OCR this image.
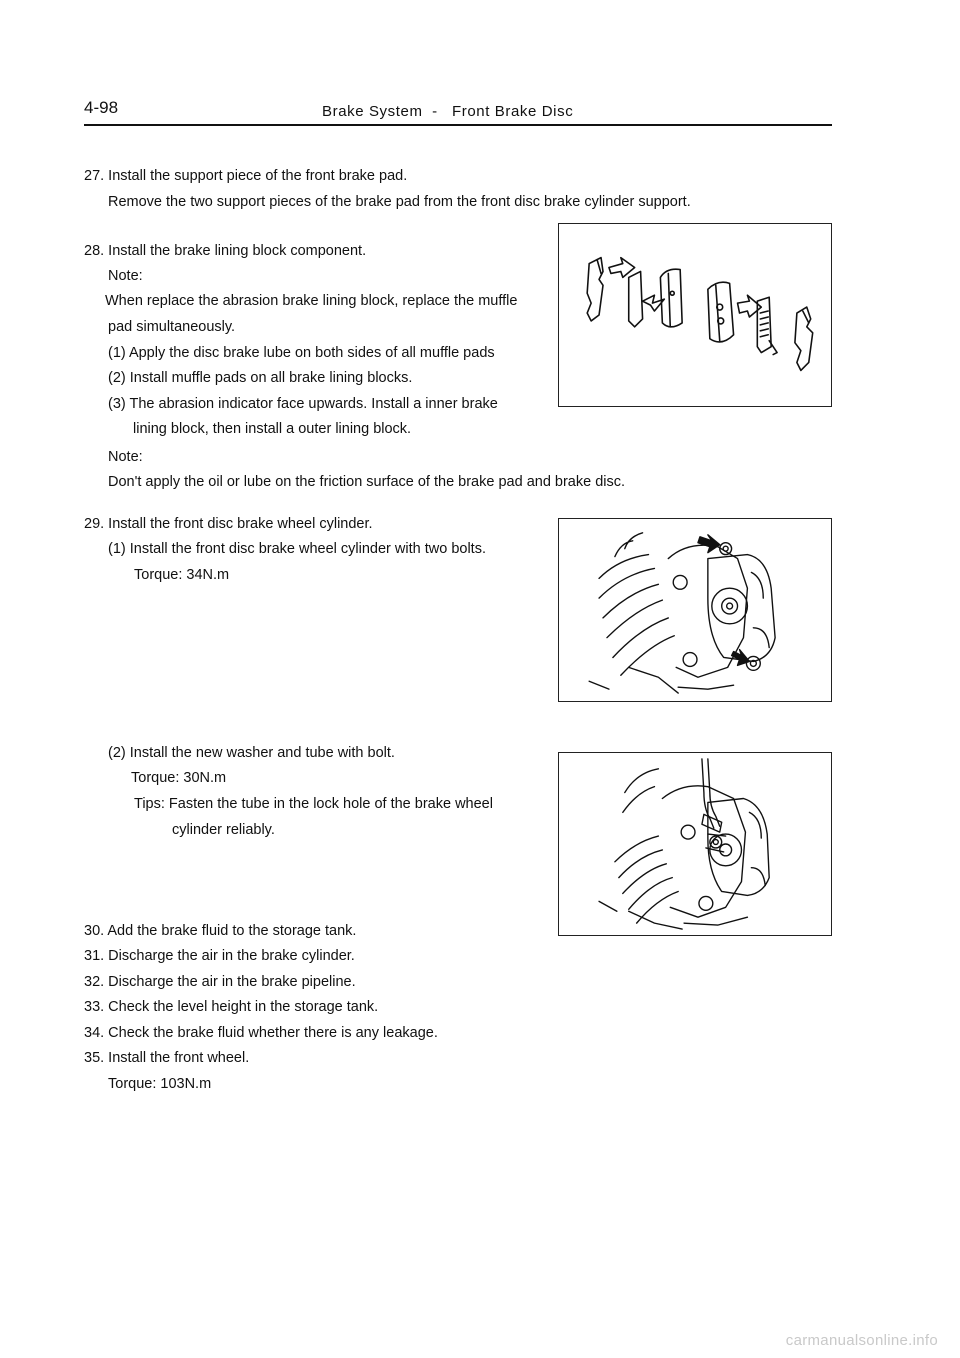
4-98	Brake System  -   Front Brake Disc
27. Install the support piece of the front brake pad.
Remove the two support pieces of the brake pad from the front disc brake cylinder support.
28. Install the brake lining block component.
Note:
When replace the abrasion brake lining block, replace the muffle
pad simultaneously.
(1) Apply the disc brake lube on both sides of all muffle pads
(2) Install muffle pads on all brake lining blocks.
(3) The abrasion indicator face upwards. Install a inner brake
lining block, then install a outer lining block.
Note:
Don't apply the oil or lube on the friction surface of the brake pad and brake disc.
29. Install the front disc brake wheel cylinder.
(1) Install the front disc brake wheel cylinder with two bolts.
Torque: 34N.m
(2) Install the new washer and tube with bolt.
Torque: 30N.m
Tips: Fasten the tube in the lock hole of the brake wheel
cylinder reliably.
30. Add the brake fluid to the storage tank.
31. Discharge the air in the brake cylinder.
32. Discharge the air in the brake pipeline.
33. Check the level height in the storage tank.
34. Check the brake fluid whether there is any leakage.
35. Install the front wheel.
Torque: 103N.m
carmanualsonline.info
